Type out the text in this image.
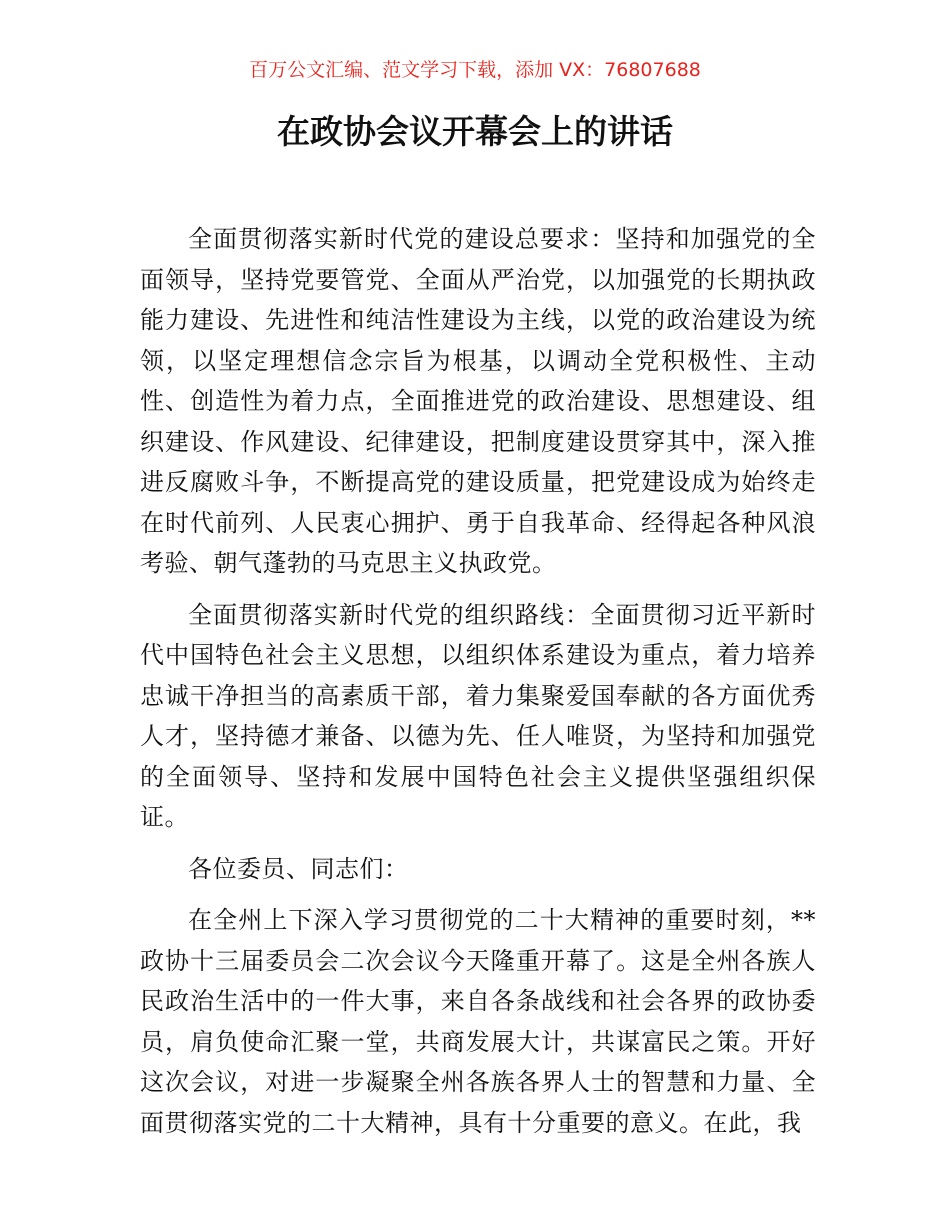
百万公文汇编、范文学习下载，添加 VX：76807688
在政协会议开幕会上的讲话

全面贯彻落实新时代党的建设总要求：坚持和加强党的全面领导，坚持党要管党、全面从严治党，以加强党的长期执政能力建设、先进性和纯洁性建设为主线，以党的政治建设为统领，以坚定理想信念宗旨为根基，以调动全党积极性、主动性、创造性为着力点，全面推进党的政治建设、思想建设、组织建设、作风建设、纪律建设，把制度建设贯穿其中，深入推进反腐败斗争，不断提高党的建设质量，把党建设成为始终走在时代前列、人民衷心拥护、勇于自我革命、经得起各种风浪考验、朝气蓬勃的马克思主义执政党。

全面贯彻落实新时代党的组织路线：全面贯彻习近平新时代中国特色社会主义思想，以组织体系建设为重点，着力培养忠诚干净担当的高素质干部，着力集聚爱国奉献的各方面优秀人才，坚持德才兼备、以德为先、任人唯贤，为坚持和加强党的全面领导、坚持和发展中国特色社会主义提供坚强组织保证。

各位委员、同志们：

在全州上下深入学习贯彻党的二十大精神的重要时刻，**政协十三届委员会二次会议今天隆重开幕了。这是全州各族人民政治生活中的一件大事，来自各条战线和社会各界的政协委员，肩负使命汇聚一堂，共商发展大计，共谋富民之策。开好这次会议，对进一步凝聚全州各族各界人士的智慧和力量、全面贯彻落实党的二十大精神，具有十分重要的意义。在此，我
